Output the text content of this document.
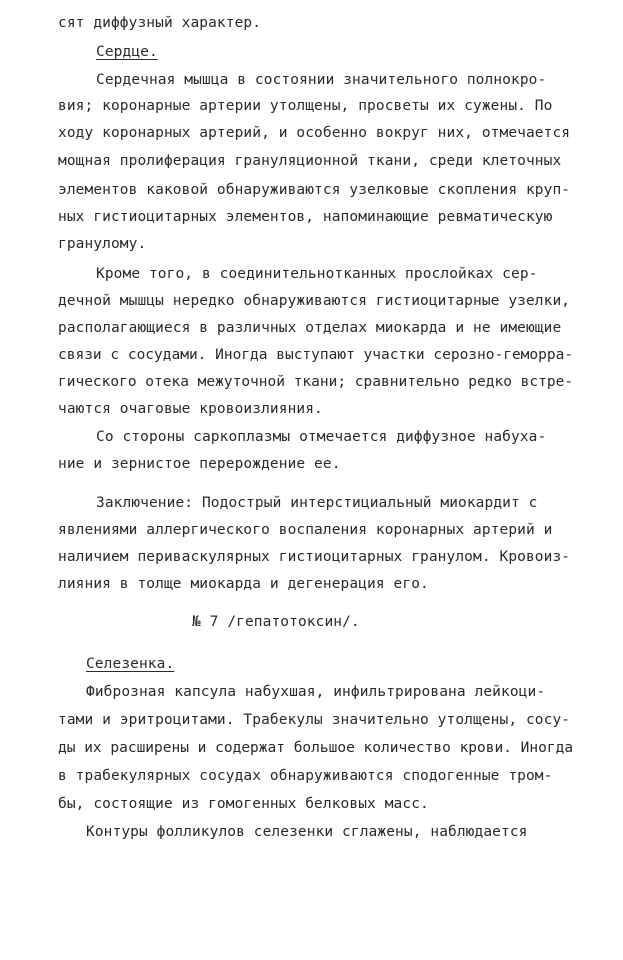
сят диффузный характер.
Сердце.
Сердечная мышца в состоянии значительного полнокро-
вия; коронарные артерии утолщены, просветы их сужены. По
ходу коронарных артерий, и особенно вокруг них, отмечается
мощная пролиферация грануляционной ткани, среди клеточных
элементов каковой обнаруживаются узелковые скопления круп-
ных гистиоцитарных элементов, напоминающие ревматическую
гранулому.
Кроме того, в соединительнотканных прослойках сер-
дечной мышцы нередко обнаруживаются гистиоцитарные узелки,
располагающиеся в различных отделах миокарда и не имеющие
связи с сосудами. Иногда выступают участки серозно-геморра-
гического отека межуточной ткани; сравнительно редко встре-
чаются очаговые кровоизлияния.
Со стороны саркоплазмы отмечается диффузное набуха-
ние и зернистое перерождение ее.
Заключение: Подострый интерстициальный миокардит с
явлениями аллергического воспаления коронарных артерий и
наличием периваскулярных гистиоцитарных гранулом. Кровоиз-
лияния в толще миокарда и дегенерация его.
№ 7 /гепатотоксин/.
Селезенка.
Фиброзная капсула набухшая, инфильтрирована лейкоци-
тами и эритроцитами. Трабекулы значительно утолщены, сосу-
ды их расширены и содержат большое количество крови. Иногда
в трабекулярных сосудах обнаруживаются сподогенные тром-
бы, состоящие из гомогенных белковых масс.
Контуры фолликулов селезенки сглажены, наблюдается
